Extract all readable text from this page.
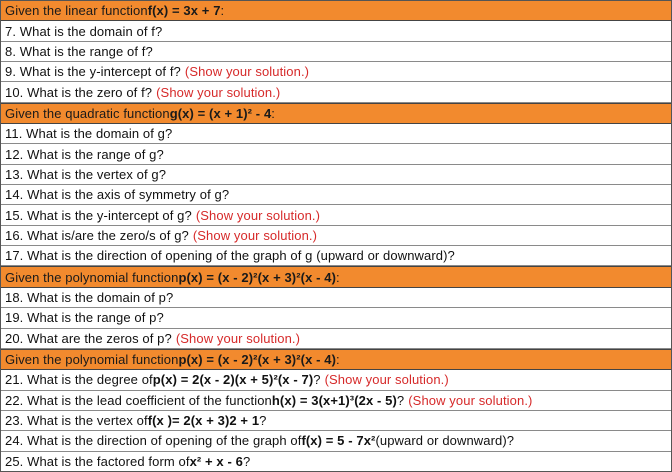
Given the linear function f(x) = 3x + 7 :
7. What is the domain of f?
8. What is the range of f?
9. What is the y-intercept of f? (Show your solution.)
10. What is the zero of f? (Show your solution.)
Given the quadratic function g(x) = (x + 1)² - 4 :
11. What is the domain of g?
12. What is the range of g?
13. What is the vertex of g?
14. What is the axis of symmetry of g?
15. What is the y-intercept of g? (Show your solution.)
16. What is/are the zero/s of g? (Show your solution.)
17. What is the direction of opening of the graph of g (upward or downward)?
Given the polynomial function p(x) = (x - 2)²(x + 3)²(x - 4) :
18. What is the domain of p?
19. What is the range of p?
20. What are the zeros of p? (Show your solution.)
Given the polynomial function p(x) = (x - 2)²(x + 3)²(x - 4) :
21. What is the degree of p(x) = 2(x - 2)(x + 5)²(x - 7) ? (Show your solution.)
22. What is the lead coefficient of the function h(x) = 3(x+1)³(2x - 5) ? (Show your solution.)
23. What is the vertex of f(x )= 2(x + 3)2 + 1 ?
24. What is the direction of opening of the graph of f(x) = 5 - 7x² (upward or downward)?
25. What is the factored form of x² + x - 6 ?
